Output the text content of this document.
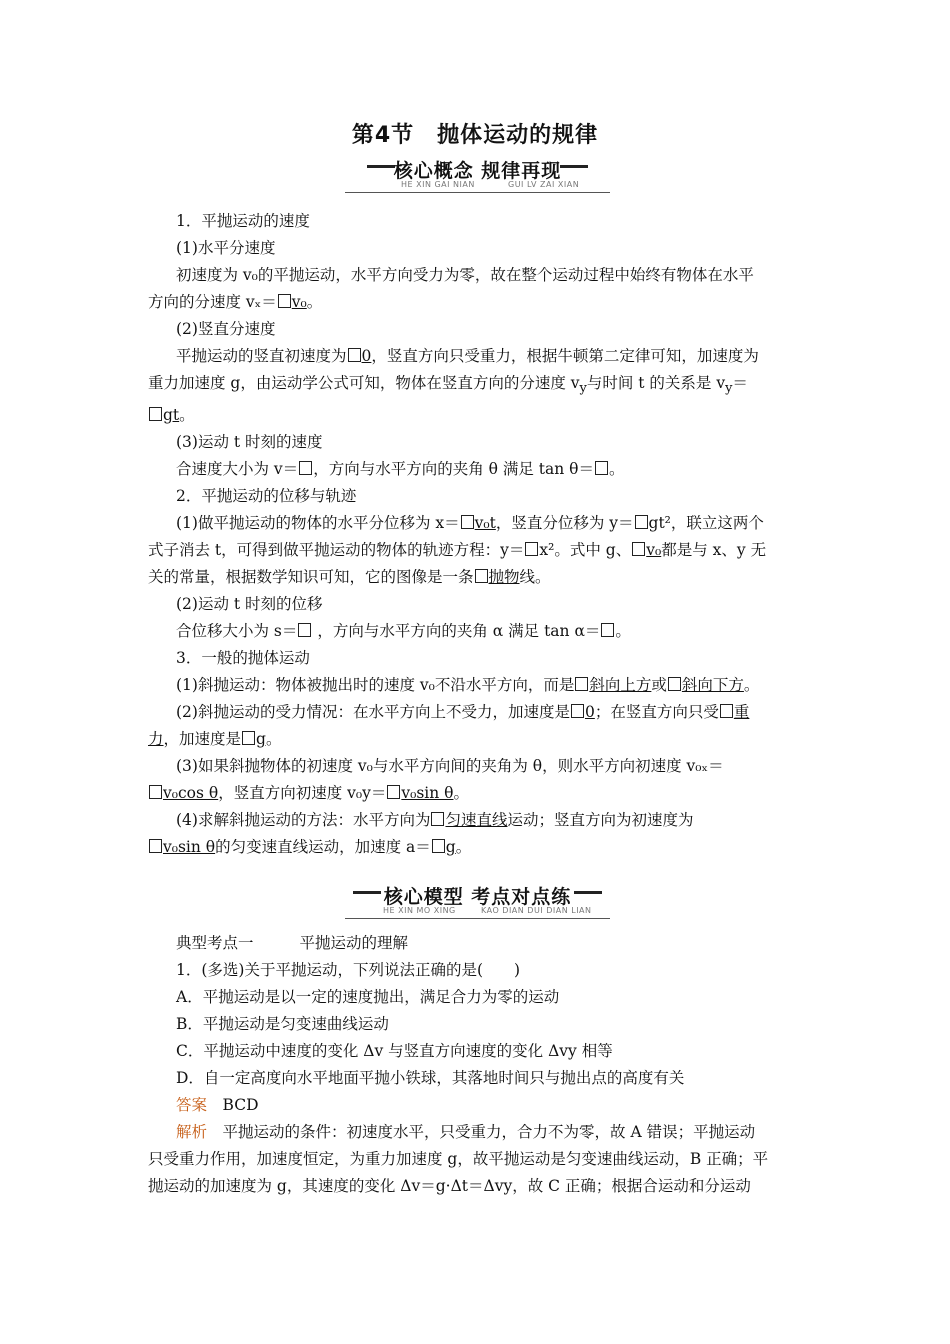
第4节　抛体运动的规律
核心概念 规律再现
HE XIN GAI NIAN	GUI LV ZAI XIAN
1．平抛运动的速度
(1)水平分速度
初速度为 v₀的平抛运动，水平方向受力为零，故在整个运动过程中始终有物体在水平
方向的分速度 vₓ＝ v₀。
(2)竖直分速度
平抛运动的竖直初速度为 0，竖直方向只受重力，根据牛顿第二定律可知，加速度为
重力加速度 g，由运动学公式可知，物体在竖直方向的分速度 $v_y$与时间 t 的关系是 $v_y=$
gt。
(3)运动 t 时刻的速度
合速度大小为 v＝ ，方向与水平方向的夹角 θ 满足 tan θ＝ 。
2．平抛运动的位移与轨迹
(1)做平抛运动的物体的水平分位移为 x＝ v₀t，竖直分位移为 y＝ gt²，联立这两个
式子消去 t，可得到做平抛运动的物体的轨迹方程：y＝ x²。式中 g、 v₀都是与 x、y 无
关的常量，根据数学知识可知，它的图像是一条 抛物线。
(2)运动 t 时刻的位移
合位移大小为 s＝ ，方向与水平方向的夹角 α 满足 tan α＝ 。
3．一般的抛体运动
(1)斜抛运动：物体被抛出时的速度 v₀不沿水平方向，而是 斜向上方或 斜向下方。
(2)斜抛运动的受力情况：在水平方向上不受力，加速度是 0；在竖直方向只受 重
力，加速度是 g。
(3)如果斜抛物体的初速度 v₀与水平方向间的夹角为 θ，则水平方向初速度 v₀ₓ＝
v₀cos θ，竖直方向初速度 v₀y＝ v₀sin θ。
(4)求解斜抛运动的方法：水平方向为 匀速直线运动；竖直方向为初速度为
v₀sin θ的匀变速直线运动，加速度 a＝ g。
核心模型 考点对点练
HE XIN MO XING	KAO DIAN DUI DIAN LIAN
典型考点一	平抛运动的理解
1．(多选)关于平抛运动，下列说法正确的是(　　)
A．平抛运动是以一定的速度抛出，满足合力为零的运动
B．平抛运动是匀变速曲线运动
C．平抛运动中速度的变化 Δv 与竖直方向速度的变化 Δvy 相等
D．自一定高度向水平地面平抛小铁球，其落地时间只与抛出点的高度有关
答案　 BCD
解析　 平抛运动的条件：初速度水平，只受重力，合力不为零，故 A 错误；平抛运动
只受重力作用，加速度恒定，为重力加速度 g，故平抛运动是匀变速曲线运动，B 正确；平
抛运动的加速度为 g，其速度的变化 Δv＝g·Δt＝Δvy，故 C 正确；根据合运动和分运动
